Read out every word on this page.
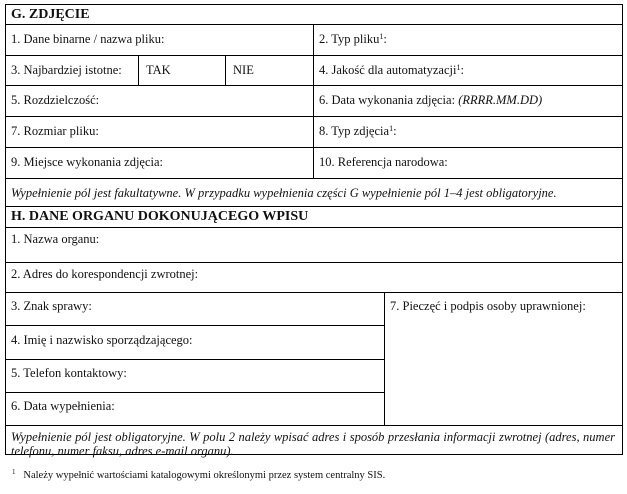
G. ZDJĘCIE
1. Dane binarne / nazwa pliku:	2. Typ pliku$^1$:
3. Najbardziej istotne: TAK	NIE	4. Jakość dla automatyzacji$^1$:
5. Rozdzielczość:	6. Data wykonania zdjęcia: (RRRR.MM.DD)
7. Rozmiar pliku:	8. Typ zdjęcia$^1$:
9. Miejsce wykonania zdjęcia:	10. Referencja narodowa:
Wypełnienie pól jest fakultatywne. W przypadku wypełnienia części G wypełnienie pól 1–4 jest obligatoryjne.
H. DANE ORGANU DOKONUJĄCEGO WPISU
1. Nazwa organu:
2. Adres do korespondencji zwrotnej:
3. Znak sprawy:	7. Pieczęć i podpis osoby uprawnionej:
4. Imię i nazwisko sporządzającego:
5. Telefon kontaktowy:
6. Data wypełnienia:
Wypełnienie pól jest obligatoryjne. W polu 2 należy wpisać adres i sposób przesłania informacji zwrotnej (adres, numer telefonu, numer faksu, adres e-mail organu).
$^1$ Należy wypełnić wartościami katalogowymi określonymi przez system centralny SIS.
